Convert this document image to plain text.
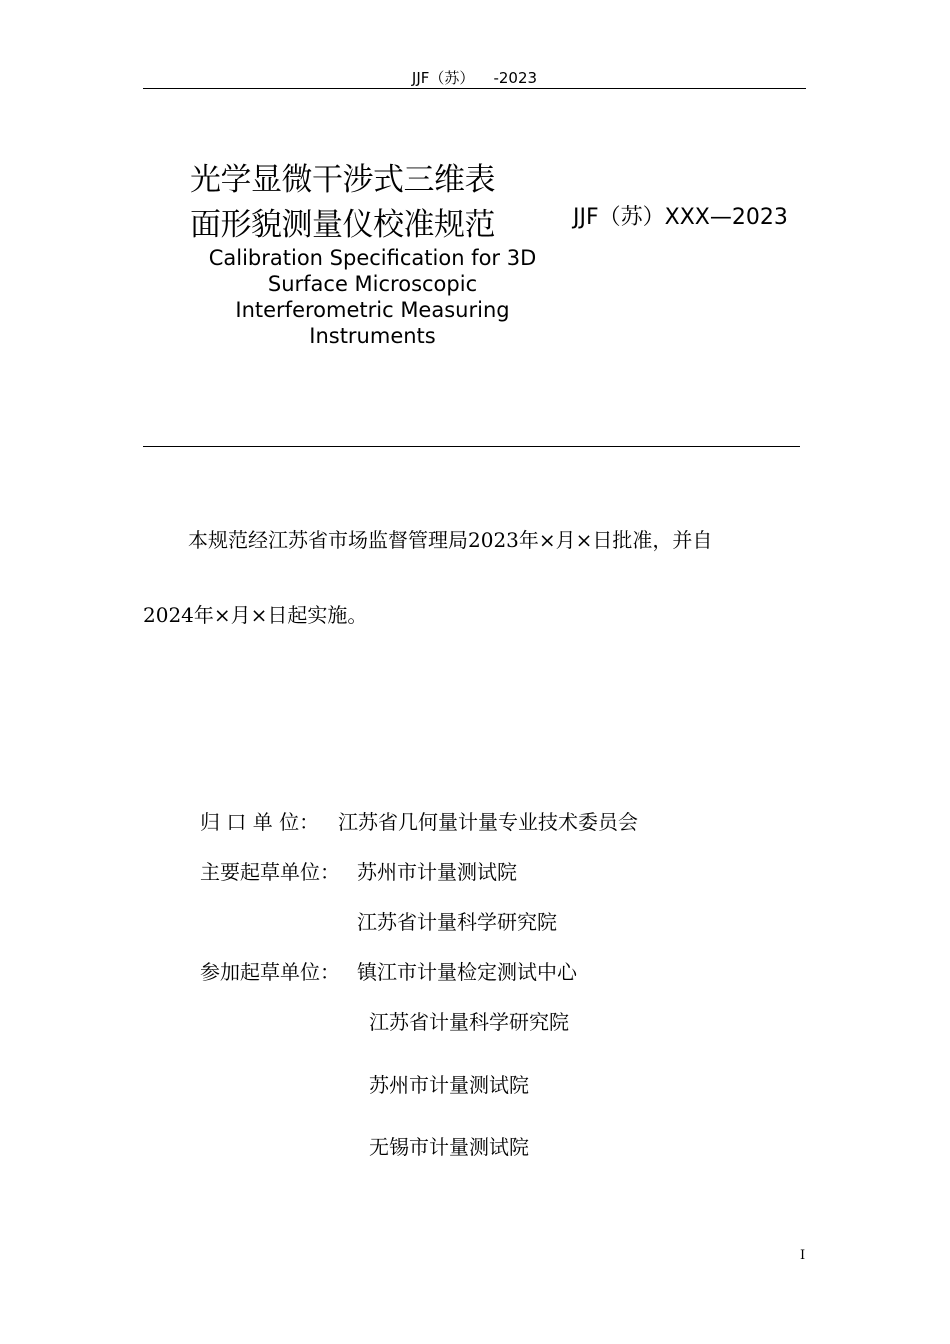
JJF（苏）    -2023
光学显微干涉式三维表
面形貌测量仪校准规范	JJF（苏）XXX—2023
Calibration Specification for 3D Surface Microscopic Interferometric Measuring Instruments
本规范经江苏省市场监督管理局2023年×月×日批准，并自
2024年×月×日起实施。
归 口 单 位： 江苏省几何量计量专业技术委员会
主要起草单位： 苏州市计量测试院
江苏省计量科学研究院
参加起草单位： 镇江市计量检定测试中心
江苏省计量科学研究院
苏州市计量测试院
无锡市计量测试院
I
